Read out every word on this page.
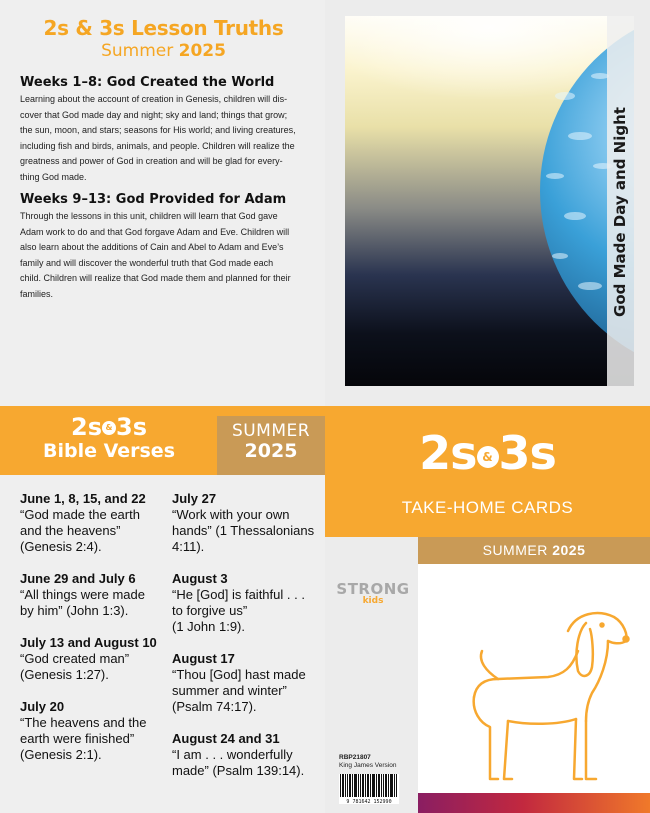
2s & 3s Lesson Truths
Summer 2025
Weeks 1–8: God Created the World
Learning about the account of creation in Genesis, children will dis-
cover that God made day and night; sky and land; things that grow;
the sun, moon, and stars; seasons for His world; and living creatures,
including fish and birds, animals, and people. Children will realize the
greatness and power of God in creation and will be glad for every-
thing God made.
Weeks 9–13: God Provided for Adam
Through the lessons in this unit, children will learn that God gave
Adam work to do and that God forgave Adam and Eve. Children will
also learn about the additions of Cain and Abel to Adam and Eve’s
family and will discover the wonderful truth that God made each
child. Children will realize that God made them and planned for their
families.	God Made Day and Night
2s & 3s
Bible Verses
SUMMER
2025
June 1, 8, 15, and 22
“God made the earth
and the heavens”
(Genesis 2:4).
June 29 and July 6
“All things were made
by him” (John 1:3).
July 13 and August 10
“God created man”
(Genesis 1:27).
July 20
“The heavens and the
earth were finished”
(Genesis 2:1).
July 27
“Work with your own
hands” (1 Thessalonians
4:11).
August 3
“He [God] is faithful . . .
to forgive us”
(1 John 1:9).
August 17
“Thou [God] hast made
summer and winter”
(Psalm 74:17).
August 24 and 31
“I am . . . wonderfully
made” (Psalm 139:14).
2s & 3s
TAKE-HOME CARDS
SUMMER 2025
STRONG
kids
RBP21807
King James Version
9 781642 152990
